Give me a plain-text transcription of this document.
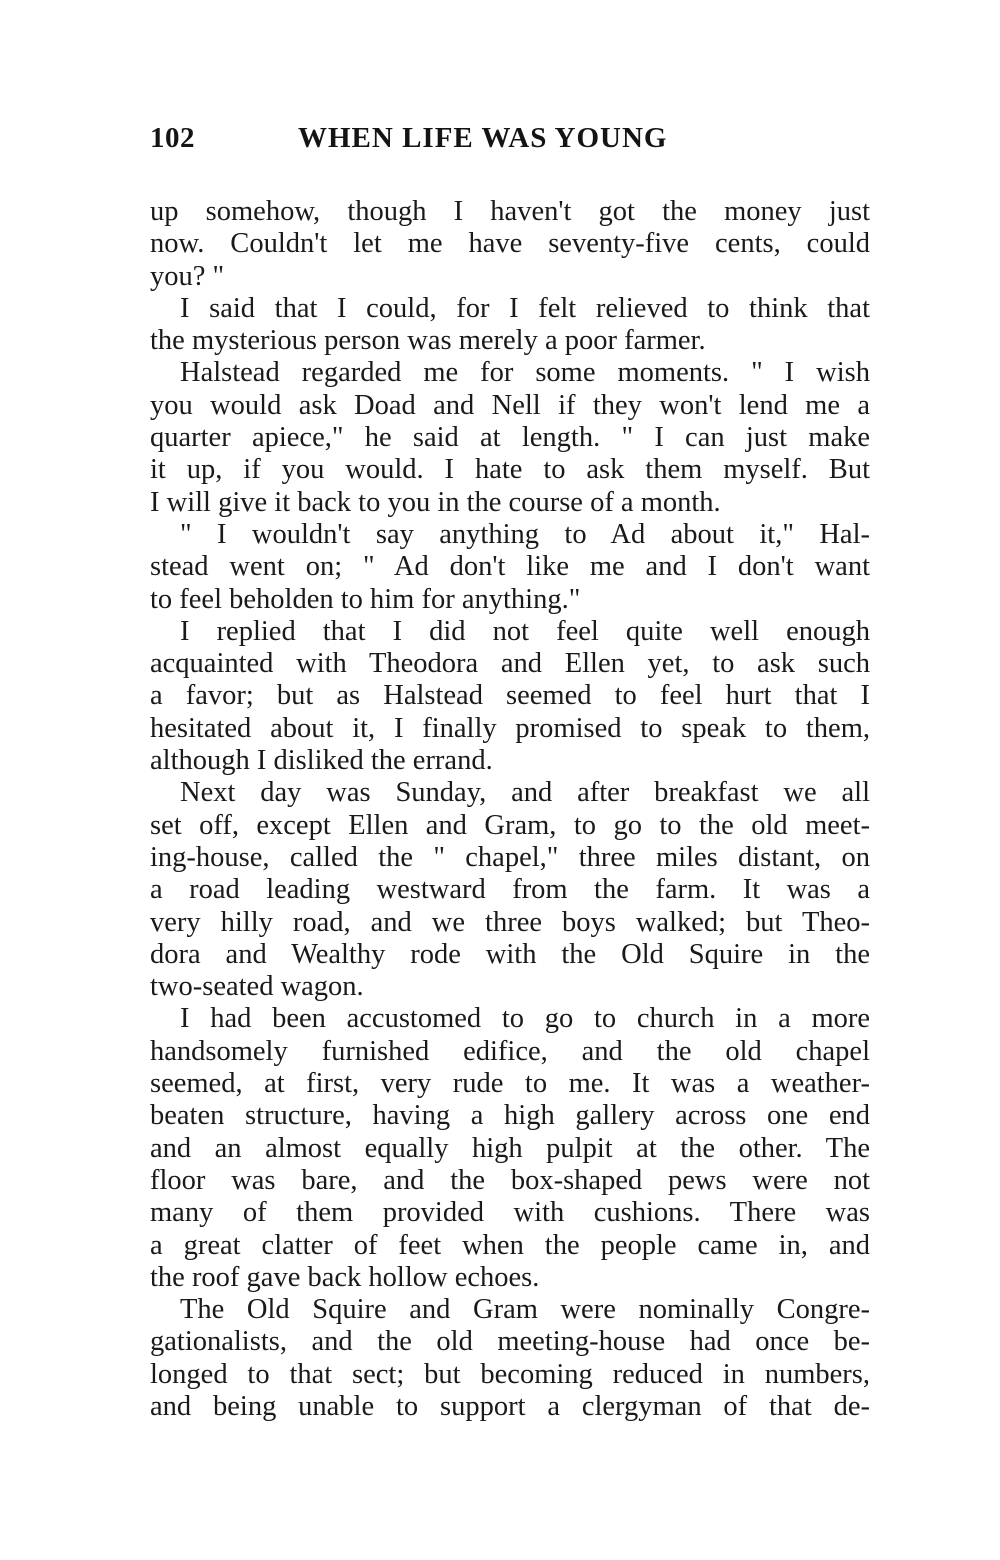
102	WHEN LIFE WAS YOUNG
up somehow, though I haven't got the money just
now. Couldn't let me have seventy-five cents, could
you? "
I said that I could, for I felt relieved to think that
the mysterious person was merely a poor farmer.
Halstead regarded me for some moments. " I wish
you would ask Doad and Nell if they won't lend me a
quarter apiece," he said at length. " I can just make
it up, if you would. I hate to ask them myself. But
I will give it back to you in the course of a month.
" I wouldn't say anything to Ad about it," Hal-
stead went on; " Ad don't like me and I don't want
to feel beholden to him for anything."
I replied that I did not feel quite well enough
acquainted with Theodora and Ellen yet, to ask such
a favor; but as Halstead seemed to feel hurt that I
hesitated about it, I finally promised to speak to them,
although I disliked the errand.
Next day was Sunday, and after breakfast we all
set off, except Ellen and Gram, to go to the old meet-
ing-house, called the " chapel," three miles distant, on
a road leading westward from the farm. It was a
very hilly road, and we three boys walked; but Theo-
dora and Wealthy rode with the Old Squire in the
two-seated wagon.
I had been accustomed to go to church in a more
handsomely furnished edifice, and the old chapel
seemed, at first, very rude to me. It was a weather-
beaten structure, having a high gallery across one end
and an almost equally high pulpit at the other. The
floor was bare, and the box-shaped pews were not
many of them provided with cushions. There was
a great clatter of feet when the people came in, and
the roof gave back hollow echoes.
The Old Squire and Gram were nominally Congre-
gationalists, and the old meeting-house had once be-
longed to that sect; but becoming reduced in numbers,
and being unable to support a clergyman of that de-
